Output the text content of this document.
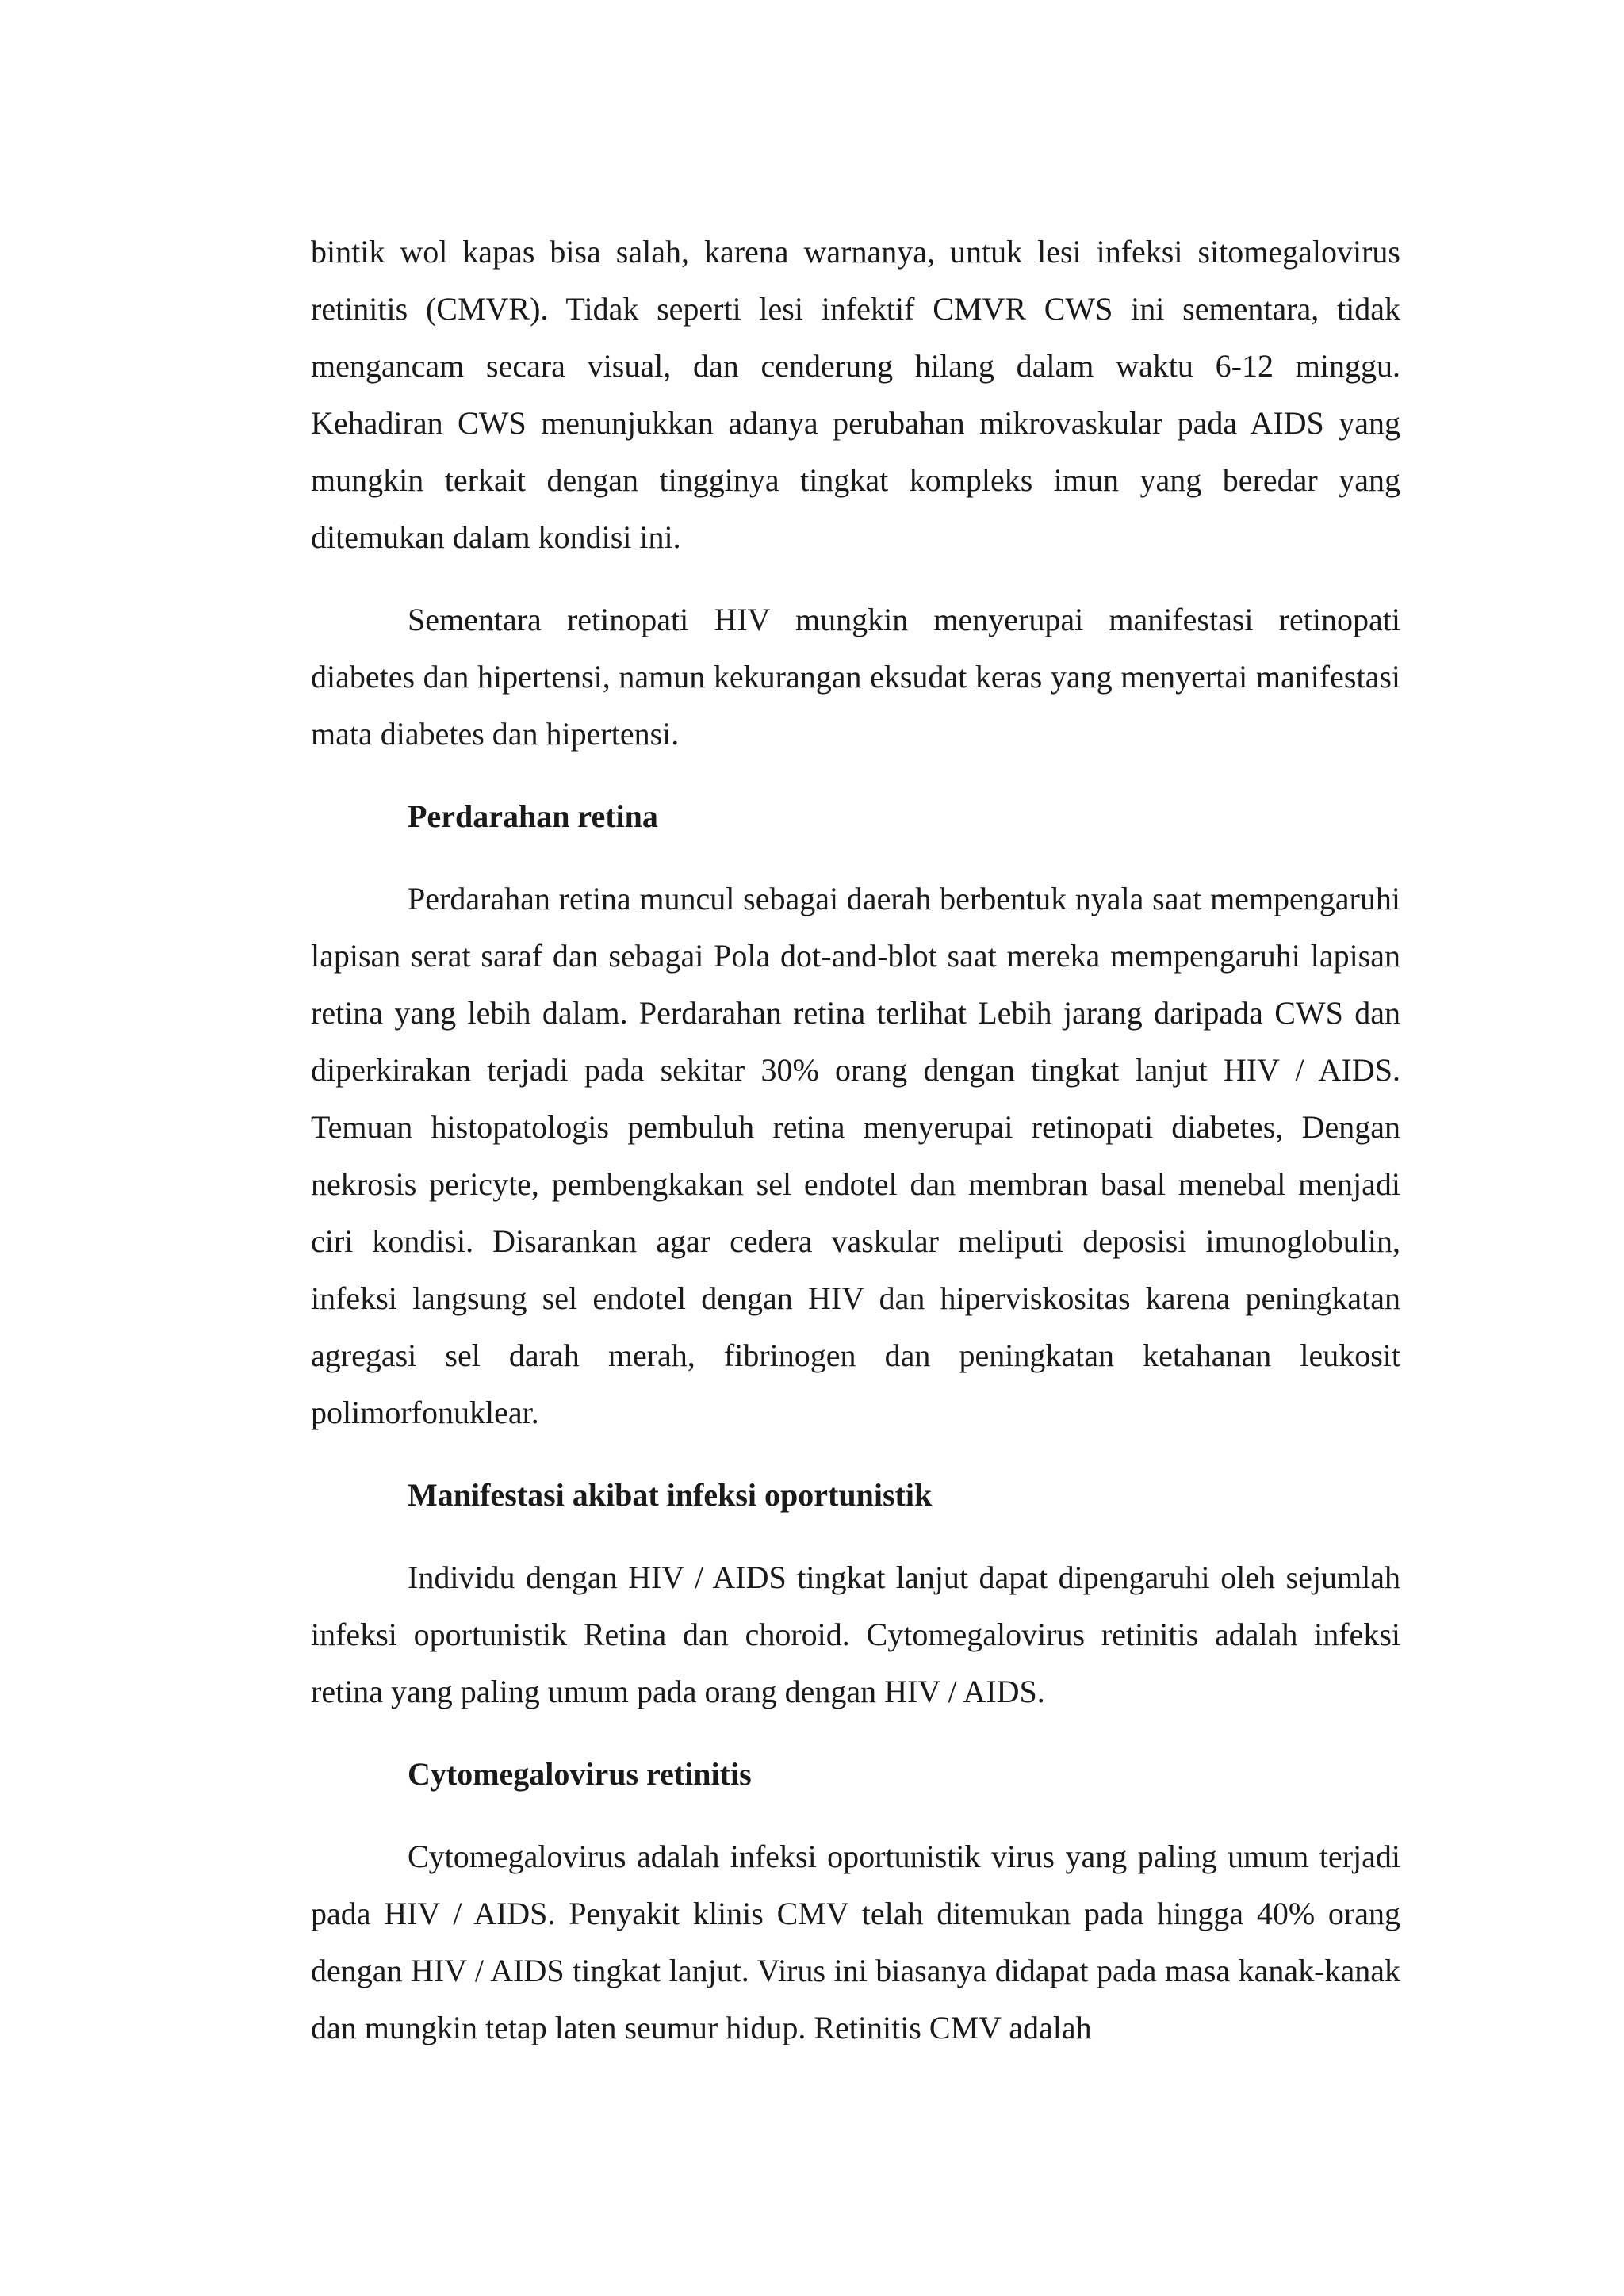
bintik wol kapas bisa salah, karena warnanya, untuk lesi infeksi sitomegalovirus retinitis (CMVR). Tidak seperti lesi infektif CMVR CWS ini sementara, tidak mengancam secara visual, dan cenderung hilang dalam waktu 6-12 minggu. Kehadiran CWS menunjukkan adanya perubahan mikrovaskular pada AIDS yang mungkin terkait dengan tingginya tingkat kompleks imun yang beredar yang ditemukan dalam kondisi ini.

Sementara retinopati HIV mungkin menyerupai manifestasi retinopati diabetes dan hipertensi, namun kekurangan eksudat keras yang menyertai manifestasi mata diabetes dan hipertensi.

Perdarahan retina

Perdarahan retina muncul sebagai daerah berbentuk nyala saat mempengaruhi lapisan serat saraf dan sebagai Pola dot-and-blot saat mereka mempengaruhi lapisan retina yang lebih dalam. Perdarahan retina terlihat Lebih jarang daripada CWS dan diperkirakan terjadi pada sekitar 30% orang dengan tingkat lanjut HIV / AIDS. Temuan histopatologis pembuluh retina menyerupai retinopati diabetes, Dengan nekrosis pericyte, pembengkakan sel endotel dan membran basal menebal menjadi ciri kondisi. Disarankan agar cedera vaskular meliputi deposisi imunoglobulin, infeksi langsung sel endotel dengan HIV dan hiperviskositas karena peningkatan agregasi sel darah merah, fibrinogen dan peningkatan ketahanan leukosit polimorfonuklear.

Manifestasi akibat infeksi oportunistik

Individu dengan HIV / AIDS tingkat lanjut dapat dipengaruhi oleh sejumlah infeksi oportunistik Retina dan choroid. Cytomegalovirus retinitis adalah infeksi retina yang paling umum pada orang dengan HIV / AIDS.

Cytomegalovirus retinitis

Cytomegalovirus adalah infeksi oportunistik virus yang paling umum terjadi pada HIV / AIDS. Penyakit klinis CMV telah ditemukan pada hingga 40% orang dengan HIV / AIDS tingkat lanjut. Virus ini biasanya didapat pada masa kanak-kanak dan mungkin tetap laten seumur hidup. Retinitis CMV adalah
